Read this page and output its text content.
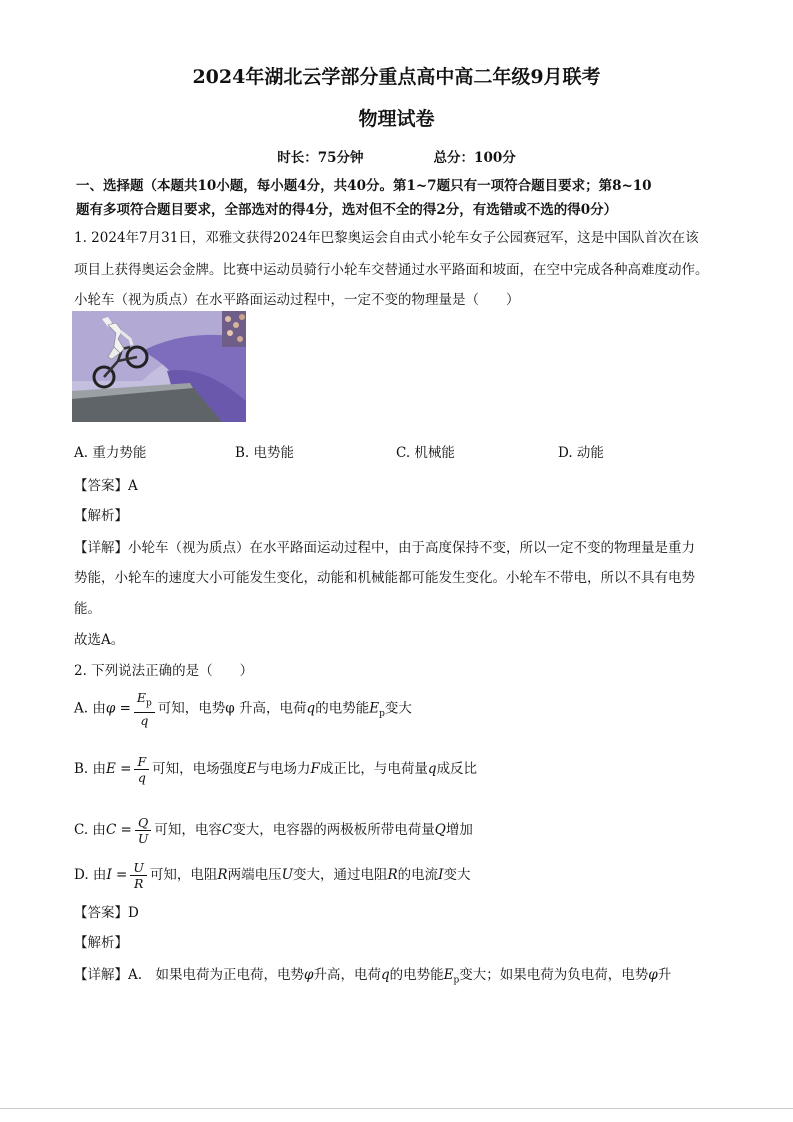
2024年湖北云学部分重点高中高二年级9月联考
物理试卷
时长：75分钟	总分：100分
一、选择题（本题共10小题，每小题4分，共40分。第1~7题只有一项符合题目要求；第8~10
题有多项符合题目要求，全部选对的得4分，选对但不全的得2分，有选错或不选的得0分）
1. 2024年7月31日，邓雅文获得2024年巴黎奥运会自由式小轮车女子公园赛冠军，这是中国队首次在该
项目上获得奥运会金牌。比赛中运动员骑行小轮车交替通过水平路面和坡面，在空中完成各种高难度动作。
小轮车（视为质点）在水平路面运动过程中，一定不变的物理量是（　　）
A. 重力势能	B. 电势能	C. 机械能	D. 动能
【答案】A
【解析】
【详解】小轮车（视为质点）在水平路面运动过程中，由于高度保持不变，所以一定不变的物理量是重力
势能，小轮车的速度大小可能发生变化，动能和机械能都可能发生变化。小轮车不带电，所以不具有电势
能。
故选A。
2. 下列说法正确的是（　　）
A. 由$\varphi = \frac{E_p}{q}$ 可知，电势φ 升高，电荷q的电势能$E_p$变大
B. 由$E = \frac{F}{q}$ 可知，电场强度E与电场力F成正比，与电荷量q成反比
C. 由$C = \frac{Q}{U}$ 可知，电容C变大，电容器的两极板所带电荷量Q增加
D. 由$I = \frac{U}{R}$ 可知，电阻R两端电压U变大，通过电阻R的电流I变大
【答案】D
【解析】
【详解】A.　如果电荷为正电荷，电势φ升高，电荷q的电势能$E_p$变大；如果电荷为负电荷，电势φ升
